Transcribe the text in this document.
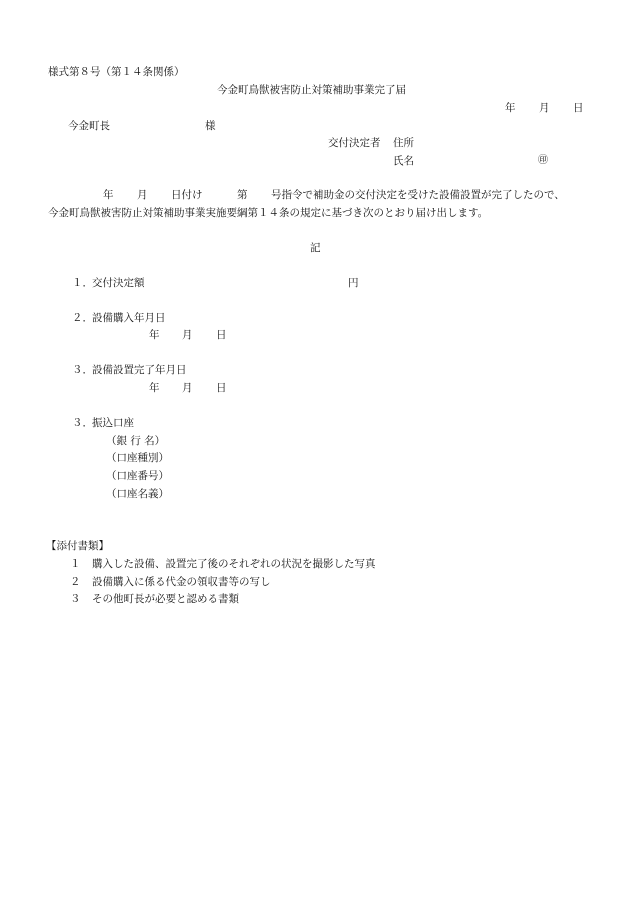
様式第８号（第１４条関係）
今金町鳥獣被害防止対策補助事業完了届
年 月 日
今金町長	様
交付決定者 住所
氏名	㊞
年 月 日付け	第 号指令で補助金の交付決定を受けた設備設置が完了したので、
今金町鳥獣被害防止対策補助事業実施要綱第１４条の規定に基づき次のとおり届け出します。
記
１． 交付決定額	円
２． 設備購入年月日
年 月 日
３． 設備設置完了年月日
年 月 日
３． 振込口座
（銀 行 名）
（口座種別）
（口座番号）
（口座名義）
【添付書類】
１ 購入した設備、設置完了後のそれぞれの状況を撮影した写真
２ 設備購入に係る代金の領収書等の写し
３ その他町長が必要と認める書類
